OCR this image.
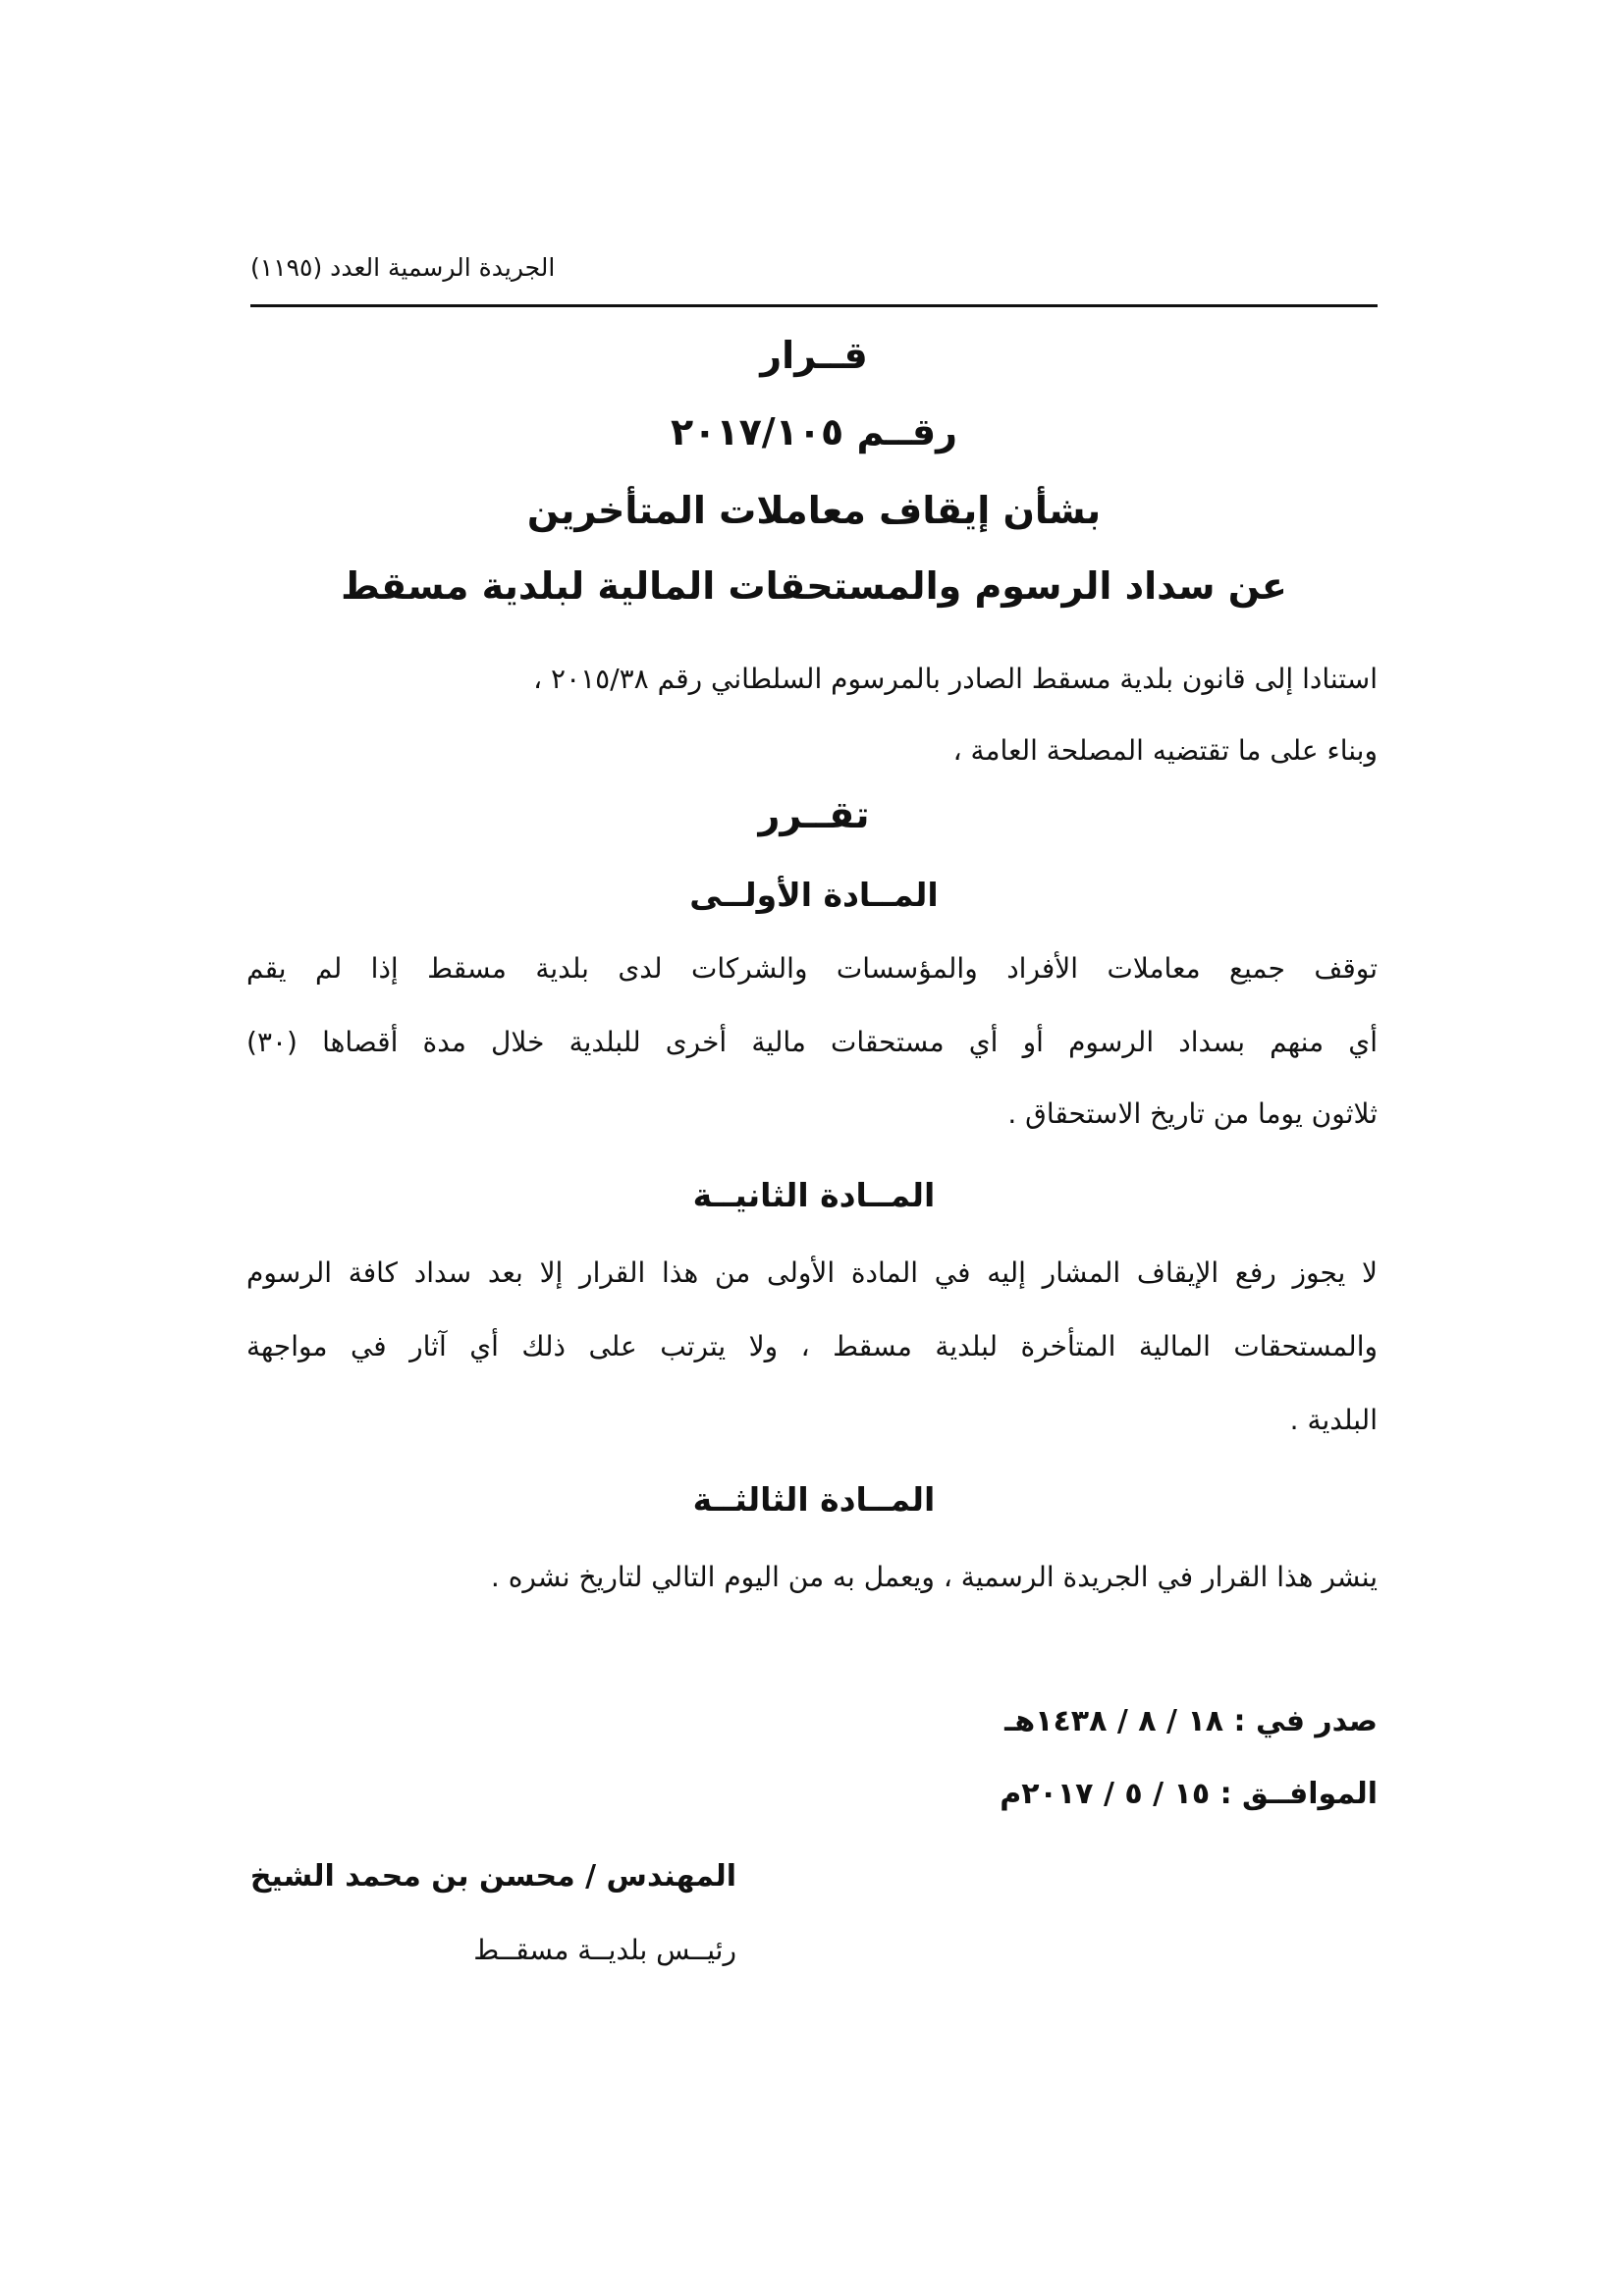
الجريدة الرسمية العدد (١١٩٥)

قــرار

رقــم ٢٠١٧/١٠٥

بشأن إيقاف معاملات المتأخرين

عن سداد الرسوم والمستحقات المالية لبلدية مسقط

استنادا إلى قانون بلدية مسقط الصادر بالمرسوم السلطاني رقم ٢٠١٥/٣٨ ،

وبناء على ما تقتضيه المصلحة العامة ،

تقــرر

المــادة الأولــى

توقف جميع معاملات الأفراد والمؤسسات والشركات لدى بلدية مسقط إذا لم يقم

أي منهم بسداد الرسوم أو أي مستحقات مالية أخرى للبلدية خلال مدة أقصاها (٣٠)

ثلاثون يوما من تاريخ الاستحقاق .

المــادة الثانيــة

لا يجوز رفع الإيقاف المشار إليه في المادة الأولى من هذا القرار إلا بعد سداد كافة الرسوم

والمستحقات المالية المتأخرة لبلدية مسقط ، ولا يترتب على ذلك أي آثار في مواجهة

البلدية .

المــادة الثالثــة

ينشر هذا القرار في الجريدة الرسمية ، ويعمل به من اليوم التالي لتاريخ نشره .

صدر في : ١٨ / ٨ / ١٤٣٨هـ

الموافــق : ١٥ / ٥ / ٢٠١٧م

المهندس / محسن بن محمد الشيخ

رئيــس بلديــة مسقــط
